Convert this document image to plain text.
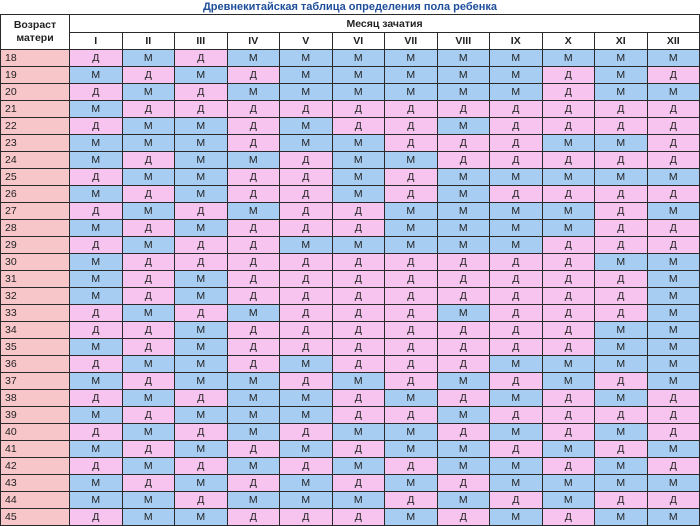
Древнекитайская таблица определения пола ребенка
Возраст матери	Месяц зачатия											
	I	II	III	IV	V	VI	VII	VIII	IX	X	XI	XII
18	Д	М	Д	М	М	М	М	М	М	М	М	М
19	М	Д	М	Д	М	М	М	М	М	Д	М	Д
20	Д	М	Д	М	М	М	М	М	М	Д	М	М
21	М	Д	Д	Д	Д	Д	Д	Д	Д	Д	Д	Д
22	Д	М	М	Д	М	Д	Д	М	Д	Д	Д	Д
23	М	М	М	Д	М	М	Д	Д	Д	М	М	Д
24	М	Д	М	М	Д	М	М	Д	Д	Д	Д	Д
25	Д	М	М	Д	Д	М	Д	М	М	М	М	М
26	М	Д	М	Д	Д	М	Д	М	Д	Д	Д	Д
27	Д	М	Д	М	Д	Д	М	М	М	М	Д	М
28	М	Д	М	Д	Д	Д	М	М	М	М	Д	Д
29	Д	М	Д	Д	М	М	М	М	М	Д	Д	Д
30	М	Д	Д	Д	Д	Д	Д	Д	Д	Д	М	М
31	М	Д	М	Д	Д	Д	Д	Д	Д	Д	Д	М
32	М	Д	М	Д	Д	Д	Д	Д	Д	Д	Д	М
33	Д	М	Д	М	Д	Д	Д	М	Д	Д	Д	М
34	Д	Д	М	Д	Д	Д	Д	Д	Д	Д	М	М
35	М	Д	М	Д	Д	Д	Д	Д	Д	Д	М	М
36	Д	М	М	Д	М	Д	Д	Д	М	М	М	М
37	М	Д	М	М	Д	М	Д	М	Д	М	Д	М
38	Д	М	Д	М	М	Д	М	Д	М	Д	М	Д
39	М	Д	М	М	М	Д	Д	М	Д	Д	Д	Д
40	Д	М	Д	М	Д	М	М	Д	М	Д	М	Д
41	М	Д	М	Д	М	Д	М	М	Д	М	Д	М
42	Д	М	Д	М	Д	М	Д	М	М	Д	М	Д
43	М	Д	М	Д	М	Д	М	Д	М	М	М	М
44	М	М	Д	М	М	М	Д	М	Д	М	Д	Д
45	Д	М	М	Д	Д	Д	М	Д	М	Д	М	М
